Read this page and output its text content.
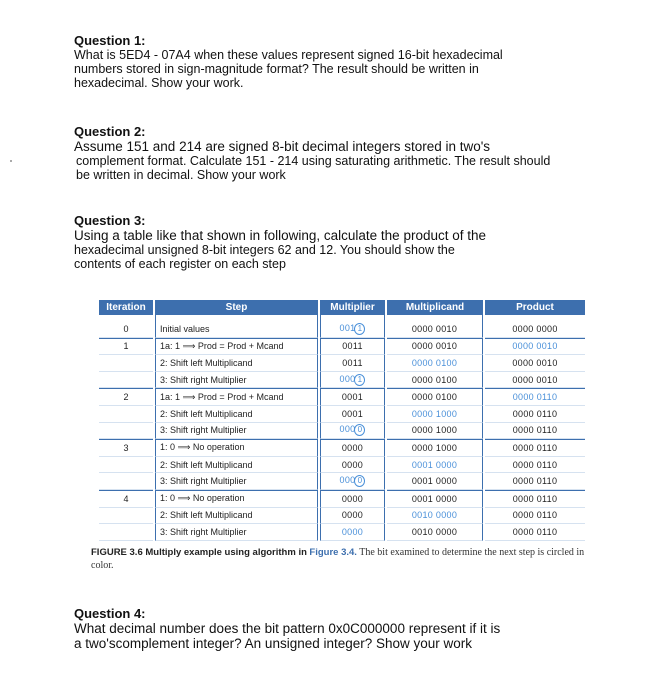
Question 1:

What is 5ED4 - 07A4 when these values represent signed 16-bit hexadecimal

numbers stored in sign-magnitude format? The result should be written in

hexadecimal. Show your work.

Question 2:

Assume 151 and 214 are signed 8-bit decimal integers stored in two's

complement format. Calculate 151 - 214 using saturating arithmetic. The result should

be written in decimal. Show your work

Question 3:

Using a table like that shown in following, calculate the product of the

hexadecimal unsigned 8-bit integers 62 and 12. You should show the

contents of each register on each step

Iteration	Step	Multiplier	Multiplicand	Product
0	Initial values	001 1	0000 0010	0000 0000
1	1a: 1 ⟹ Prod = Prod + Mcand	0011	0000 0010	0000 0010
	2: Shift left Multiplicand	0011	0000 0100	0000 0010
	3: Shift right Multiplier	000 1	0000 0100	0000 0010
2	1a: 1 ⟹ Prod = Prod + Mcand	0001	0000 0100	0000 0110
	2: Shift left Multiplicand	0001	0000 1000	0000 0110
	3: Shift right Multiplier	000 0	0000 1000	0000 0110
3	1: 0 ⟹ No operation	0000	0000 1000	0000 0110
	2: Shift left Multiplicand	0000	0001 0000	0000 0110
	3: Shift right Multiplier	000 0	0001 0000	0000 0110
4	1: 0 ⟹ No operation	0000	0001 0000	0000 0110
	2: Shift left Multiplicand	0000	0010 0000	0000 0110
	3: Shift right Multiplier	0000	0010 0000	0000 0110
FIGURE 3.6 Multiply example using algorithm in Figure 3.4. The bit examined to determine the next step is circled in color.

Question 4:

What decimal number does the bit pattern 0x0C000000 represent if it is

a two'scomplement integer? An unsigned integer? Show your work
